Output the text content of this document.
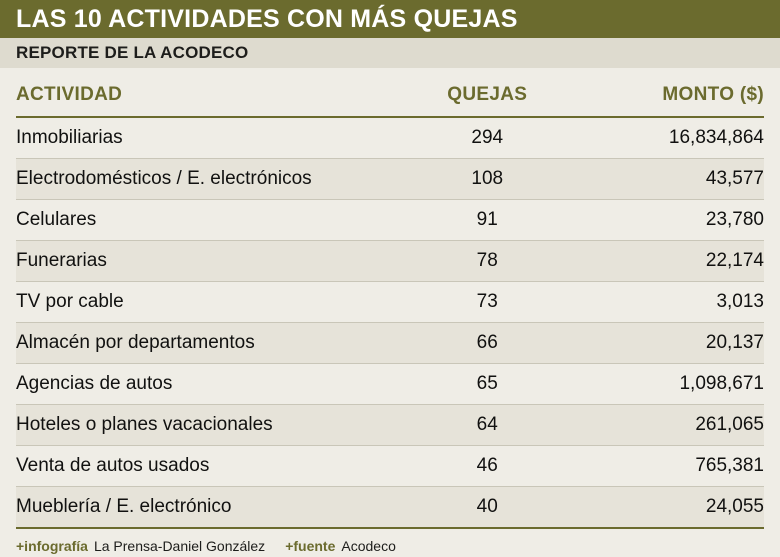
LAS 10 ACTIVIDADES CON MÁS QUEJAS
REPORTE DE LA ACODECO
ACTIVIDAD	QUEJAS	MONTO ($)
Inmobiliarias	294	16,834,864
Electrodomésticos / E. electrónicos	108	43,577
Celulares	91	23,780
Funerarias	78	22,174
TV por cable	73	3,013
Almacén por departamentos	66	20,137
Agencias de autos	65	1,098,671
Hoteles o planes vacacionales	64	261,065
Venta de autos usados	46	765,381
Mueblería / E. electrónico	40	24,055
+infografía La Prensa-Daniel González +fuente Acodeco
